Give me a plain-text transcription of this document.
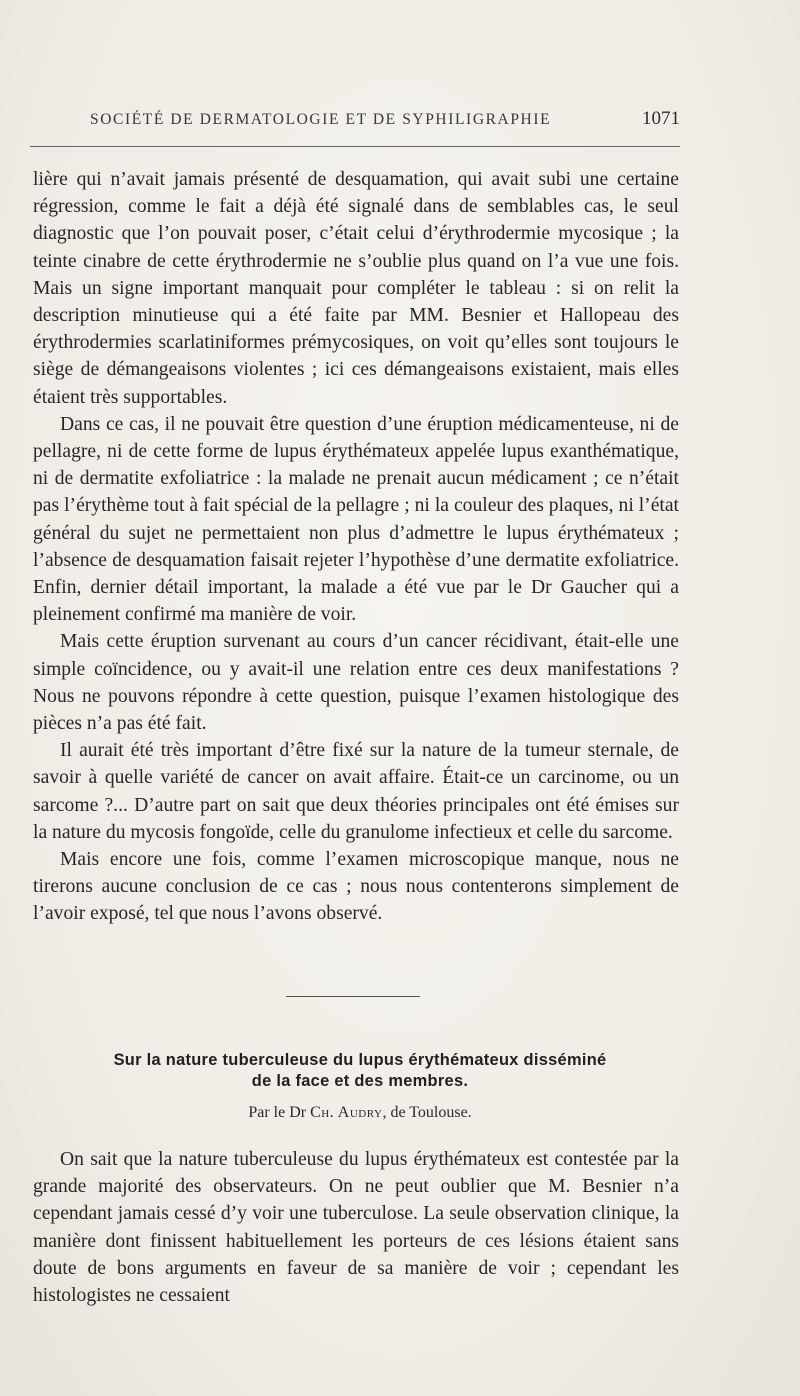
SOCIÉTÉ DE DERMATOLOGIE ET DE SYPHILIGRAPHIE	1071

lière qui n’avait jamais présenté de desquamation, qui avait subi une certaine régression, comme le fait a déjà été signalé dans de semblables cas, le seul diagnostic que l’on pouvait poser, c’était celui d’érythrodermie mycosique ; la teinte cinabre de cette érythrodermie ne s’oublie plus quand on l’a vue une fois. Mais un signe important manquait pour compléter le tableau : si on relit la description minutieuse qui a été faite par MM. Besnier et Hallopeau des érythrodermies scarlatiniformes prémycosiques, on voit qu’elles sont toujours le siège de démangeaisons violentes ; ici ces démangeaisons existaient, mais elles étaient très supportables.

Dans ce cas, il ne pouvait être question d’une éruption médicamenteuse, ni de pellagre, ni de cette forme de lupus érythémateux appelée lupus exanthématique, ni de dermatite exfoliatrice : la malade ne prenait aucun médicament ; ce n’était pas l’érythème tout à fait spécial de la pellagre ; ni la couleur des plaques, ni l’état général du sujet ne permettaient non plus d’admettre le lupus érythémateux ; l’absence de desquamation faisait rejeter l’hypothèse d’une dermatite exfoliatrice. Enfin, dernier détail important, la malade a été vue par le Dr Gaucher qui a pleinement confirmé ma manière de voir.

Mais cette éruption survenant au cours d’un cancer récidivant, était-elle une simple coïncidence, ou y avait-il une relation entre ces deux manifestations ? Nous ne pouvons répondre à cette question, puisque l’examen histologique des pièces n’a pas été fait.

Il aurait été très important d’être fixé sur la nature de la tumeur sternale, de savoir à quelle variété de cancer on avait affaire. Était-ce un carcinome, ou un sarcome ?... D’autre part on sait que deux théories principales ont été émises sur la nature du mycosis fongoïde, celle du granulome infectieux et celle du sarcome.

Mais encore une fois, comme l’examen microscopique manque, nous ne tirerons aucune conclusion de ce cas ; nous nous contenterons simplement de l’avoir exposé, tel que nous l’avons observé.

Sur la nature tuberculeuse du lupus érythémateux disséminé
de la face et des membres.
Par le Dr Ch. Audry, de Toulouse.

On sait que la nature tuberculeuse du lupus érythémateux est contestée par la grande majorité des observateurs. On ne peut oublier que M. Besnier n’a cependant jamais cessé d’y voir une tuberculose. La seule observation clinique, la manière dont finissent habituellement les porteurs de ces lésions étaient sans doute de bons arguments en faveur de sa manière de voir ; cependant les histologistes ne cessaient
